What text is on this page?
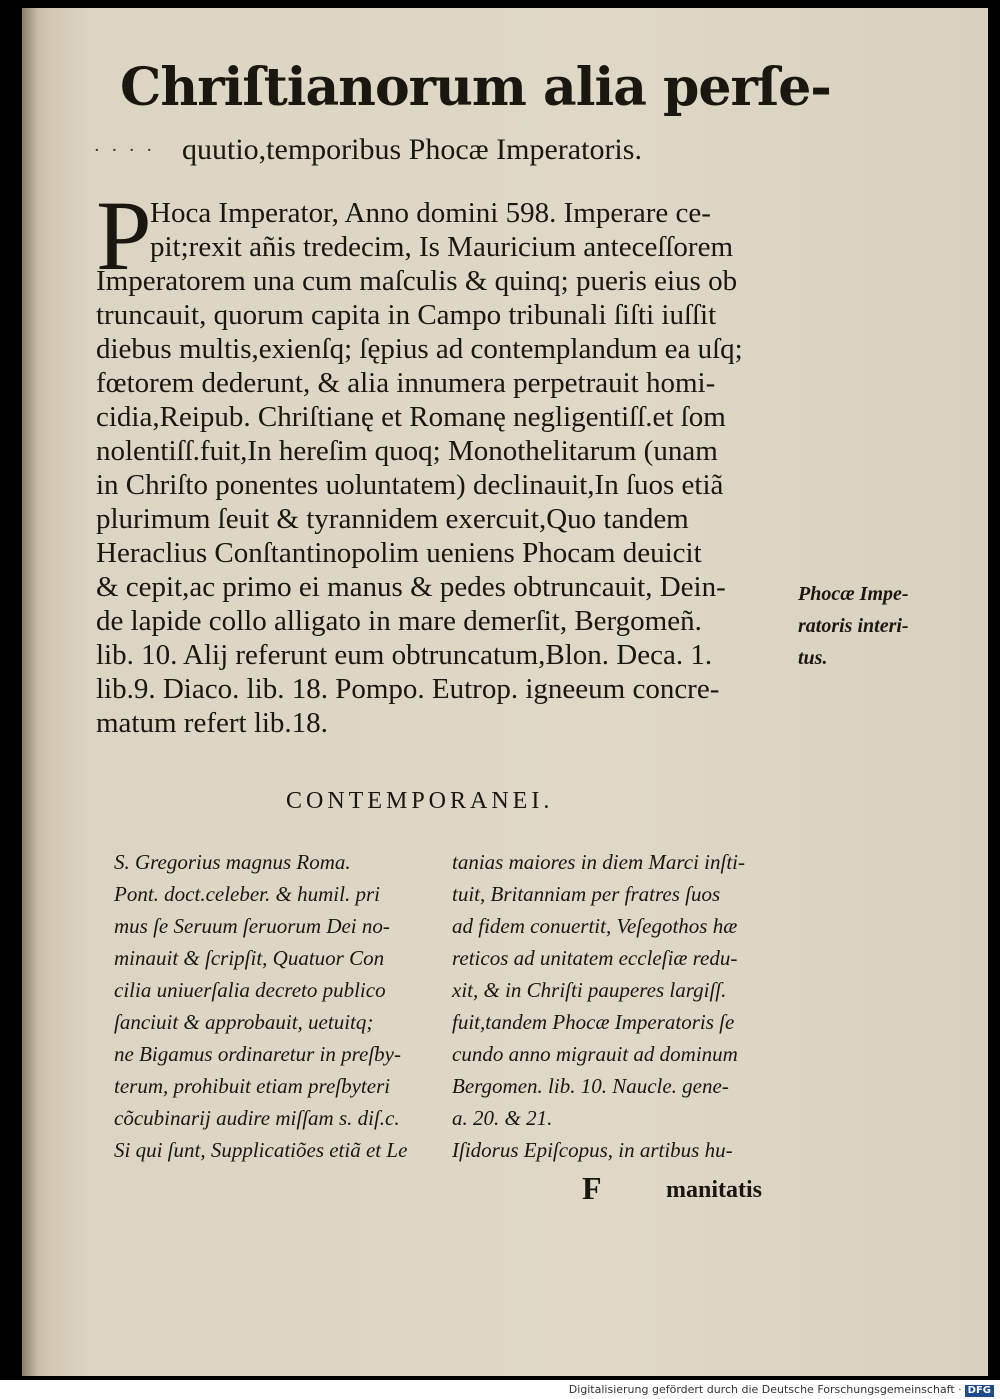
Chriſtianorum alia perſe-
· · · · quutio,temporibus Phocæ Imperatoris.
P
Hoca Imperator, Anno domini 598. Imperare ce-
pit;rexit añis tredecim, Is Mauricium anteceſſorem
Imperatorem una cum maſculis & quinq; pueris eius ob
truncauit, quorum capita in Campo tribunali ſiſti iuſſit
diebus multis,exienſq; ſępius ad contemplandum ea uſq;
fœtorem dederunt, & alia innumera perpetrauit homi-
cidia,Reipub. Chriſtianę et Romanę negligentiſſ.et ſom
nolentiſſ.fuit,In hereſim quoq; Monothelitarum (unam
in Chriſto ponentes uoluntatem) declinauit,In ſuos etiã
plurimum ſeuit & tyrannidem exercuit,Quo tandem
Heraclius Conſtantinopolim ueniens Phocam deuicit
& cepit,ac primo ei manus & pedes obtruncauit, Dein-
de lapide collo alligato in mare demerſit, Bergomeñ.
lib. 10. Alij referunt eum obtruncatum,Blon. Deca. 1.
lib.9. Diaco. lib. 18. Pompo. Eutrop. igneeum concre-
matum refert lib.18.
Phocæ Impe-
ratoris interi-
tus.
CONTEMPORANEI.
S. Gregorius magnus Roma.
Pont. doct.celeber. & humil. pri
mus ſe Seruum ſeruorum Dei no-
minauit & ſcripſit, Quatuor Con
cilia uniuerſalia decreto publico
ſanciuit & approbauit, uetuitq;
ne Bigamus ordinaretur in preſby-
terum, prohibuit etiam preſbyteri
cõcubinarij audire miſſam s. diſ.c.
Si qui ſunt, Supplicatiões etiã et Le
tanias maiores in diem Marci inſti-
tuit, Britanniam per fratres ſuos
ad fidem conuertit, Veſegothos hæ
reticos ad unitatem eccleſiæ redu-
xit, & in Chriſti pauperes largiſſ.
fuit,tandem Phocæ Imperatoris ſe
cundo anno migrauit ad dominum
Bergomen. lib. 10. Naucle. gene-
a. 20. & 21.
Iſidorus Epiſcopus, in artibus hu-
F	manitatis
Digitalisierung gefördert durch die Deutsche Forschungsgemeinschaft · DFG
